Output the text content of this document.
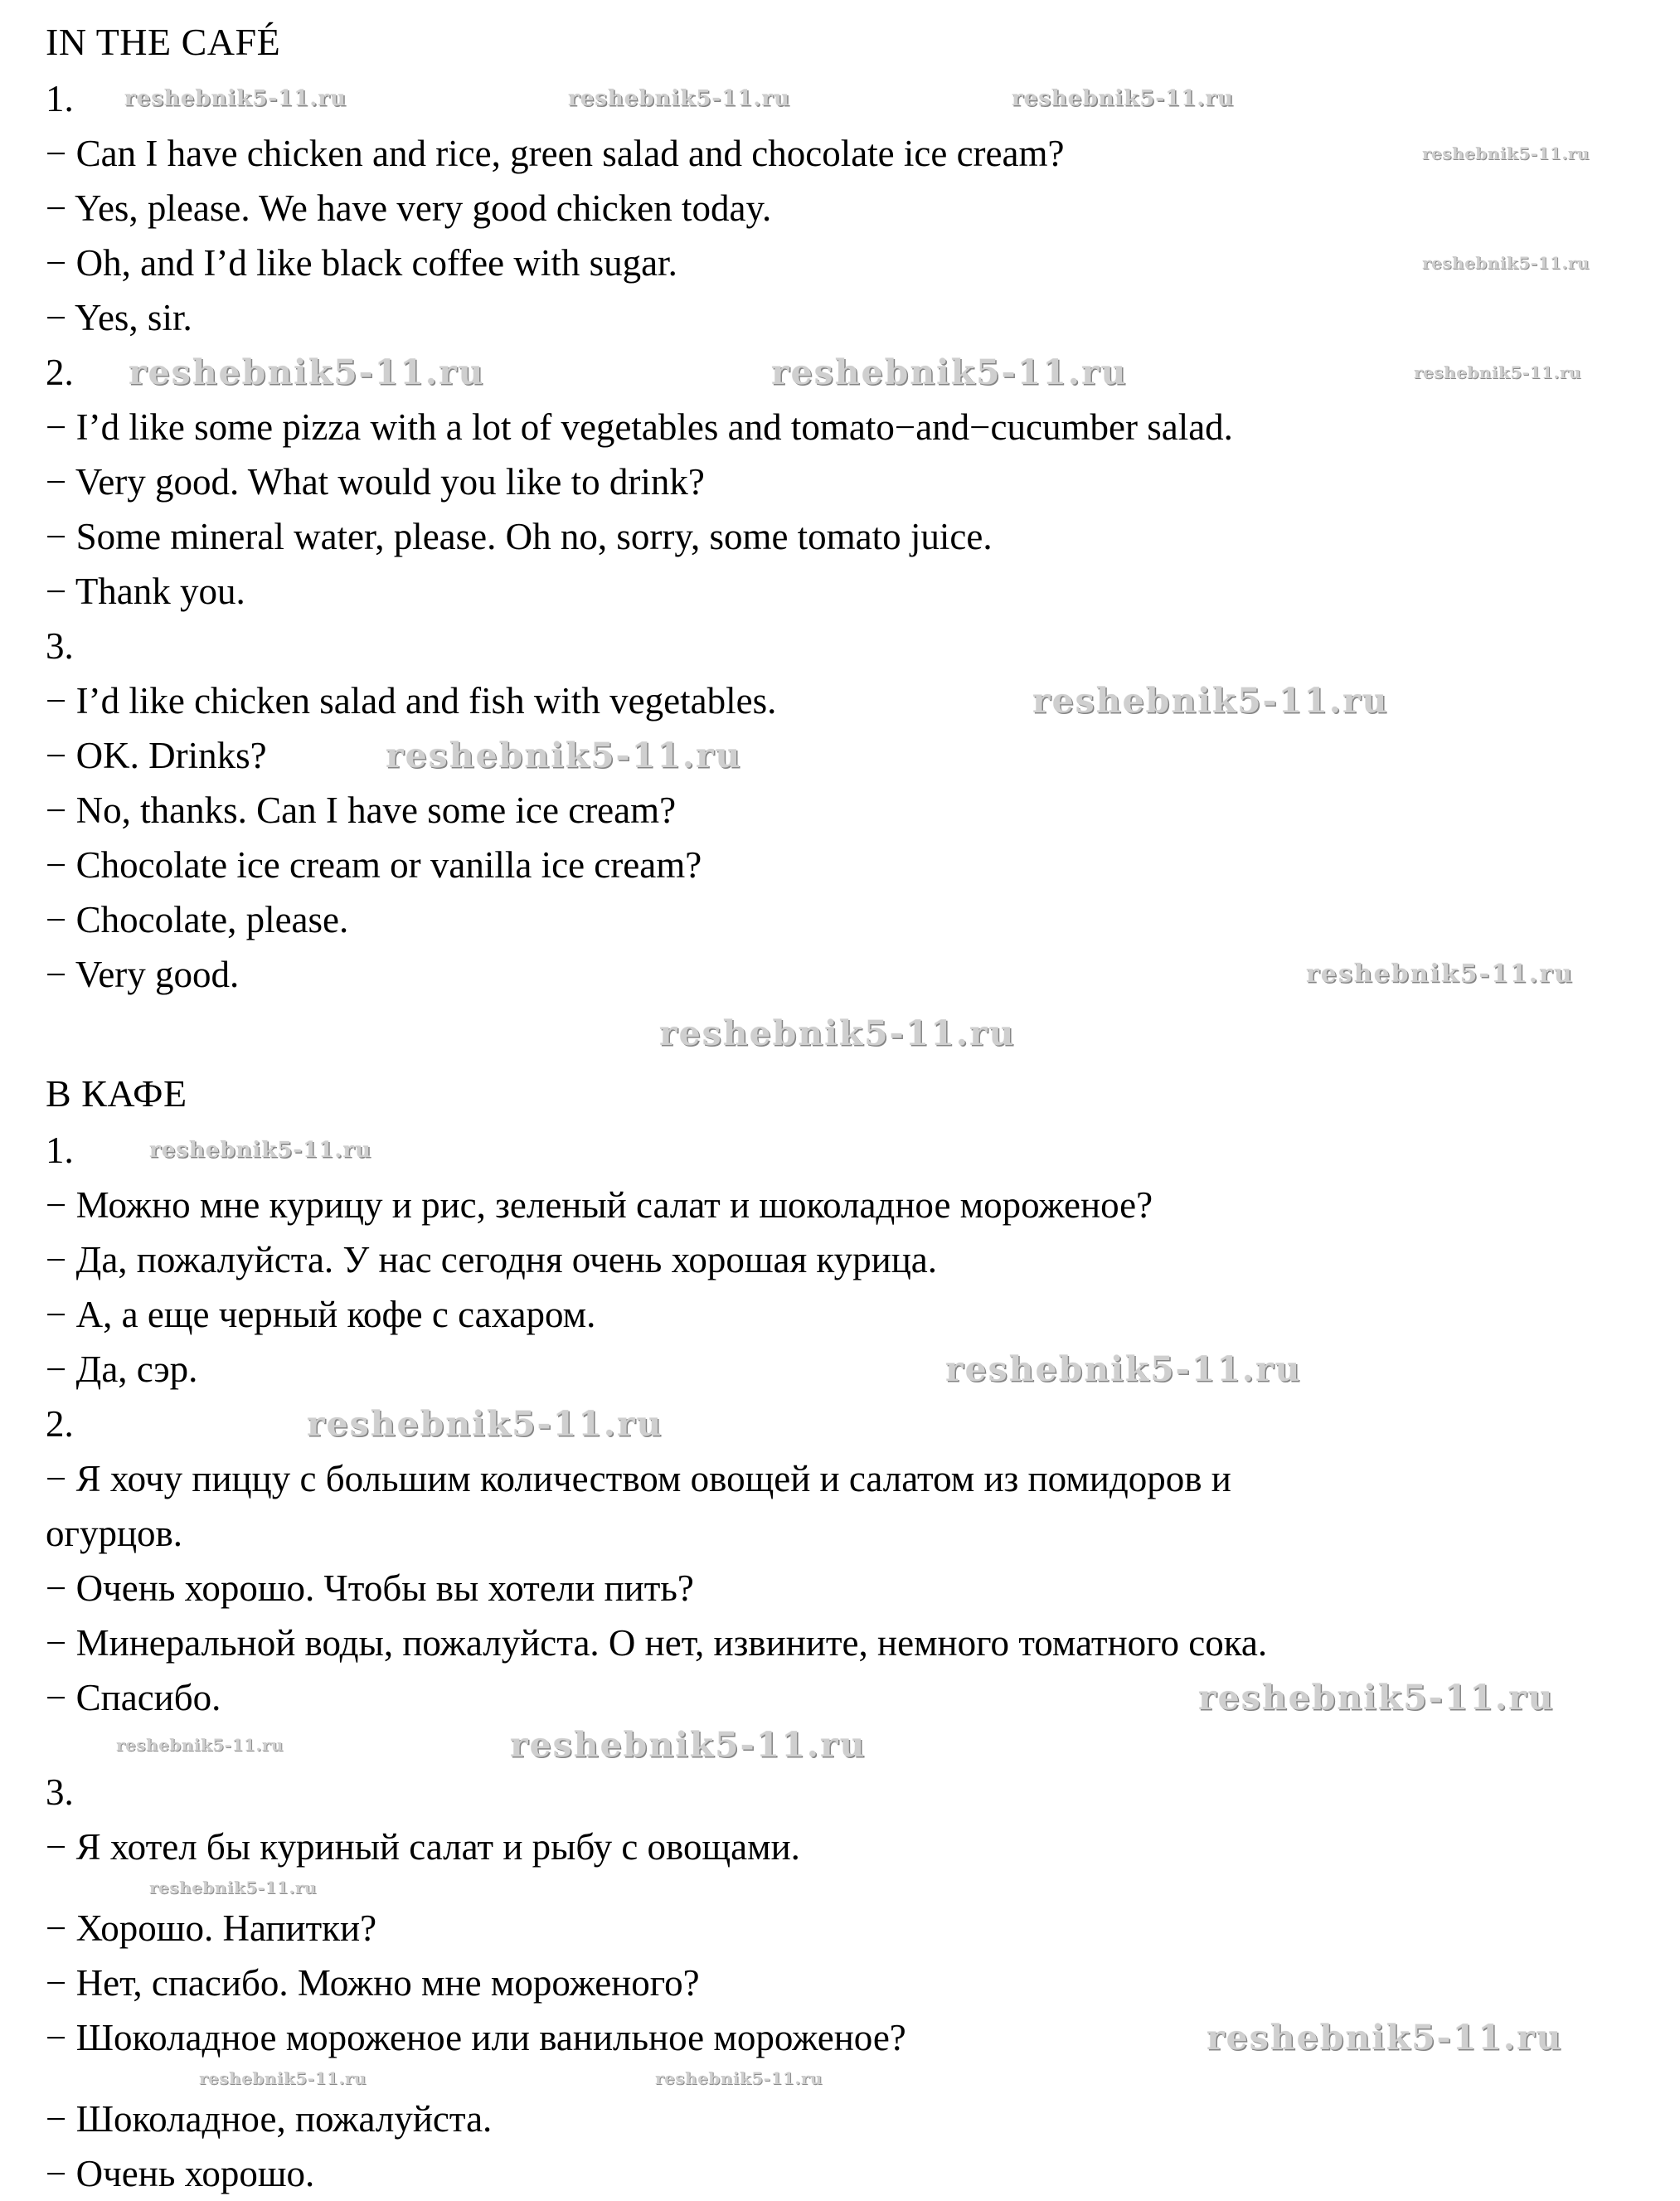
IN THE CAFÉ
1. reshebnik5-11.ru	reshebnik5-11.ru	reshebnik5-11.ru
− Can I have chicken and rice, green salad and chocolate ice cream?	reshebnik5-11.ru
− Yes, please. We have very good chicken today.
− Oh, and I’d like black coffee with sugar.	reshebnik5-11.ru
− Yes, sir.
2. reshebnik5-11.ru	reshebnik5-11.ru	reshebnik5-11.ru
− I’d like some pizza with a lot of vegetables and tomato−and−cucumber salad.
− Very good. What would you like to drink?
− Some mineral water, please. Oh no, sorry, some tomato juice.
− Thank you.
3.
− I’d like chicken salad and fish with vegetables.	reshebnik5-11.ru
− OK. Drinks?	reshebnik5-11.ru
− No, thanks. Can I have some ice cream?
− Chocolate ice cream or vanilla ice cream?
− Chocolate, please.
− Very good.	reshebnik5-11.ru
reshebnik5-11.ru
В КАФЕ
1.	reshebnik5-11.ru
− Можно мне курицу и рис, зеленый салат и шоколадное мороженое?
− Да, пожалуйста. У нас сегодня очень хорошая курица.
− А, а еще черный кофе с сахаром.
− Да, сэр.	reshebnik5-11.ru
2.	reshebnik5-11.ru
− Я хочу пиццу с большим количеством овощей и салатом из помидоров и
огурцов.
− Очень хорошо. Чтобы вы хотели пить?
− Минеральной воды, пожалуйста. О нет, извините, немного томатного сока.
− Спасибо.	reshebnik5-11.ru
reshebnik5-11.ru	reshebnik5-11.ru
3.
− Я хотел бы куриный салат и рыбу с овощами.
reshebnik5-11.ru
− Хорошо. Напитки?
− Нет, спасибо. Можно мне мороженого?
− Шоколадное мороженое или ванильное мороженое?	reshebnik5-11.ru
reshebnik5-11.ru	reshebnik5-11.ru
− Шоколадное, пожалуйста.
− Очень хорошо.
